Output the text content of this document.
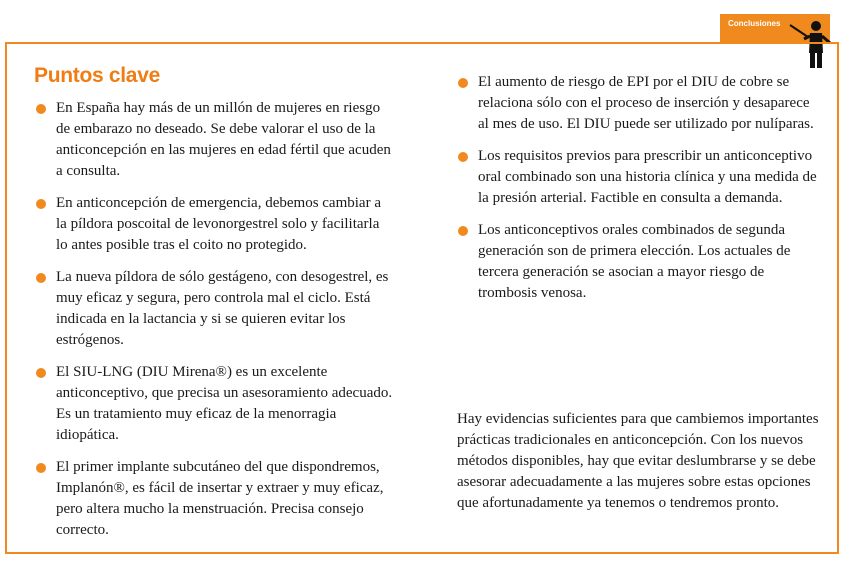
Conclusiones
Puntos clave
En España hay más de un millón de mujeres en riesgo de embarazo no deseado. Se debe valorar el uso de la anticoncepción en las mujeres en edad fértil que acuden a consulta.
En anticoncepción de emergencia, debemos cambiar a la píldora poscoital de levonorgestrel solo y facilitarla lo antes posible tras el coito no protegido.
La nueva píldora de sólo gestágeno, con desogestrel, es muy eficaz y segura, pero controla mal el ciclo. Está indicada en la lactancia y si se quieren evitar los estrógenos.
El SIU-LNG (DIU Mirena®) es un excelente anticonceptivo, que precisa un asesoramiento adecuado. Es un tratamiento muy eficaz de la menorragia idiopática.
El primer implante subcutáneo del que dispondremos, Implanón®, es fácil de insertar y extraer y muy eficaz, pero altera mucho la menstruación. Precisa consejo correcto.
El aumento de riesgo de EPI por el DIU de cobre se relaciona sólo con el proceso de inserción y desaparece al mes de uso. El DIU puede ser utilizado por nulíparas.
Los requisitos previos para prescribir un anticonceptivo oral combinado son una historia clínica y una medida de la presión arterial. Factible en consulta a demanda.
Los anticonceptivos orales combinados de segunda generación son de primera elección. Los actuales de tercera generación se asocian a mayor riesgo de trombosis venosa.
Hay evidencias suficientes para que cambiemos importantes prácticas tradicionales en anticoncepción. Con los nuevos métodos disponibles, hay que evitar deslumbrarse y se debe asesorar adecuadamente a las mujeres sobre estas opciones que afortunadamente ya tenemos o tendremos pronto.
